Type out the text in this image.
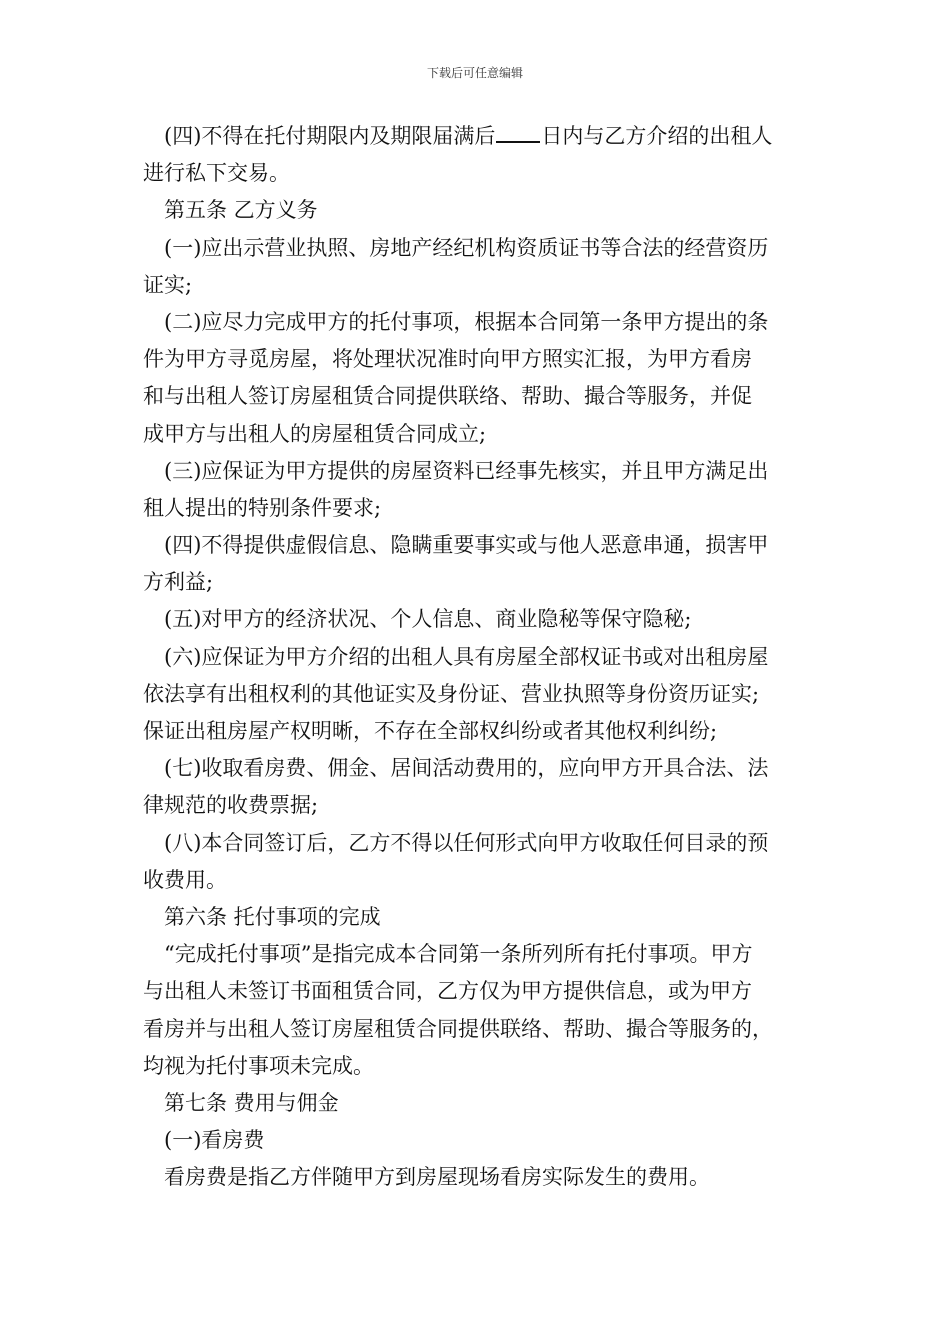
下载后可任意编辑
(四)不得在托付期限内及期限届满后 日内与乙方介绍的出租人
进行私下交易。
第五条 乙方义务
(一)应出示营业执照、房地产经纪机构资质证书等合法的经营资历
证实;
(二)应尽力完成甲方的托付事项，根据本合同第一条甲方提出的条
件为甲方寻觅房屋，将处理状况准时向甲方照实汇报，为甲方看房
和与出租人签订房屋租赁合同提供联络、帮助、撮合等服务，并促
成甲方与出租人的房屋租赁合同成立;
(三)应保证为甲方提供的房屋资料已经事先核实，并且甲方满足出
租人提出的特别条件要求;
(四)不得提供虚假信息、隐瞒重要事实或与他人恶意串通，损害甲
方利益;
(五)对甲方的经济状况、个人信息、商业隐秘等保守隐秘;
(六)应保证为甲方介绍的出租人具有房屋全部权证书或对出租房屋
依法享有出租权利的其他证实及身份证、营业执照等身份资历证实;
保证出租房屋产权明晰，不存在全部权纠纷或者其他权利纠纷;
(七)收取看房费、佣金、居间活动费用的，应向甲方开具合法、法
律规范的收费票据;
(八)本合同签订后，乙方不得以任何形式向甲方收取任何目录的预
收费用。
第六条 托付事项的完成
“完成托付事项”是指完成本合同第一条所列所有托付事项。甲方
与出租人未签订书面租赁合同，乙方仅为甲方提供信息，或为甲方
看房并与出租人签订房屋租赁合同提供联络、帮助、撮合等服务的，
均视为托付事项未完成。
第七条 费用与佣金
(一)看房费
看房费是指乙方伴随甲方到房屋现场看房实际发生的费用。
